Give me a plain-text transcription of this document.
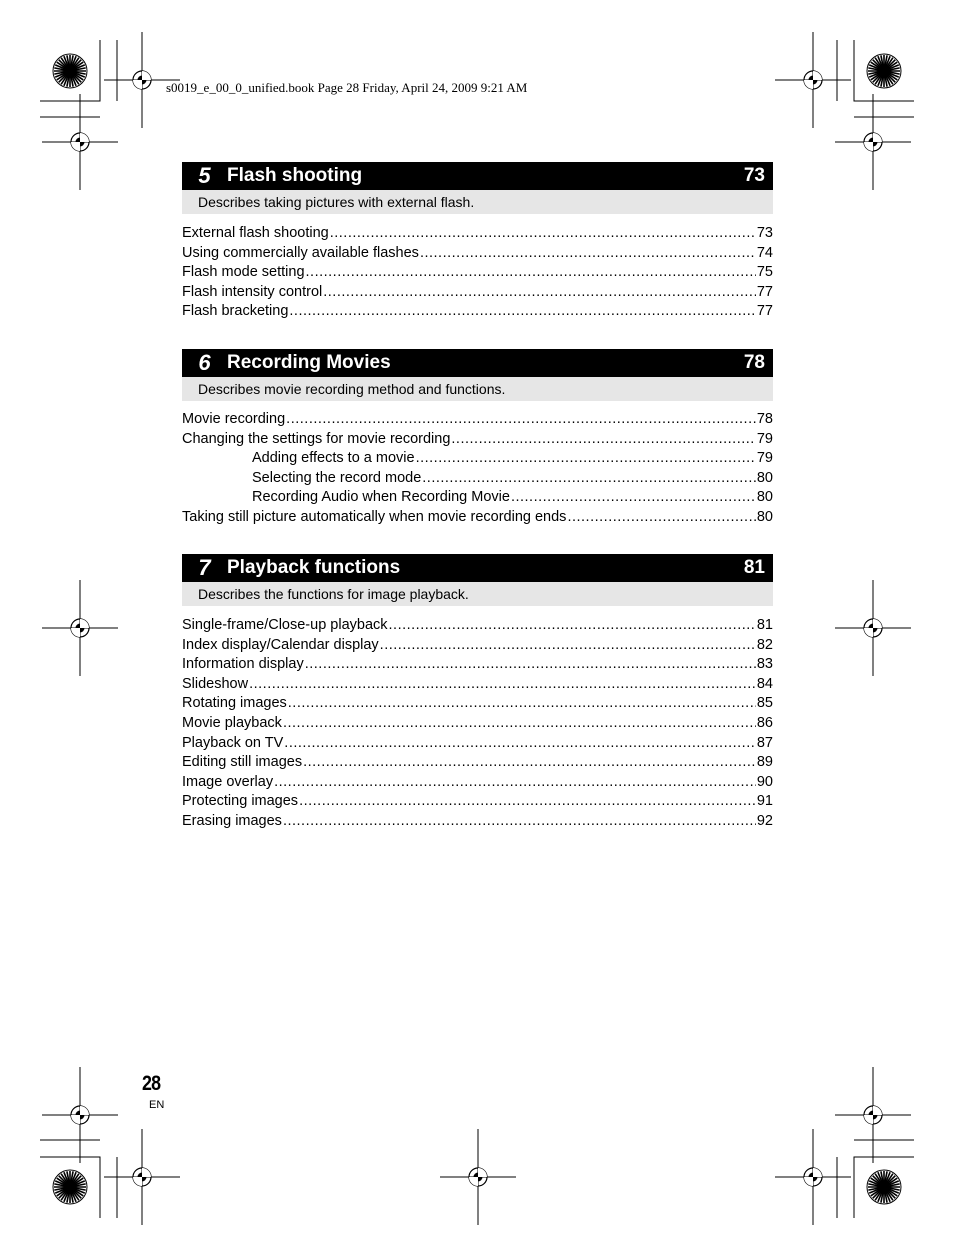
s0019_e_00_0_unified.book Page 28 Friday, April 24, 2009 9:21 AM
5 Flash shooting	73
Describes taking pictures with external flash.
External flash shooting .....	73
Using commercially available flashes .....	74
Flash mode setting .....	75
Flash intensity control .....	77
Flash bracketing .....	77
6 Recording Movies	78
Describes movie recording method and functions.
Movie recording .....	78
Changing the settings for movie recording .....	79
Adding effects to a movie .....	79
Selecting the record mode .....	80
Recording Audio when Recording Movie .....	80
Taking still picture automatically when movie recording ends .....	80
7 Playback functions	81
Describes the functions for image playback.
Single-frame/Close-up playback .....	81
Index display/Calendar display .....	82
Information display .....	83
Slideshow .....	84
Rotating images .....	85
Movie playback .....	86
Playback on TV .....	87
Editing still images .....	89
Image overlay .....	90
Protecting images .....	91
Erasing images .....	92
28
EN
